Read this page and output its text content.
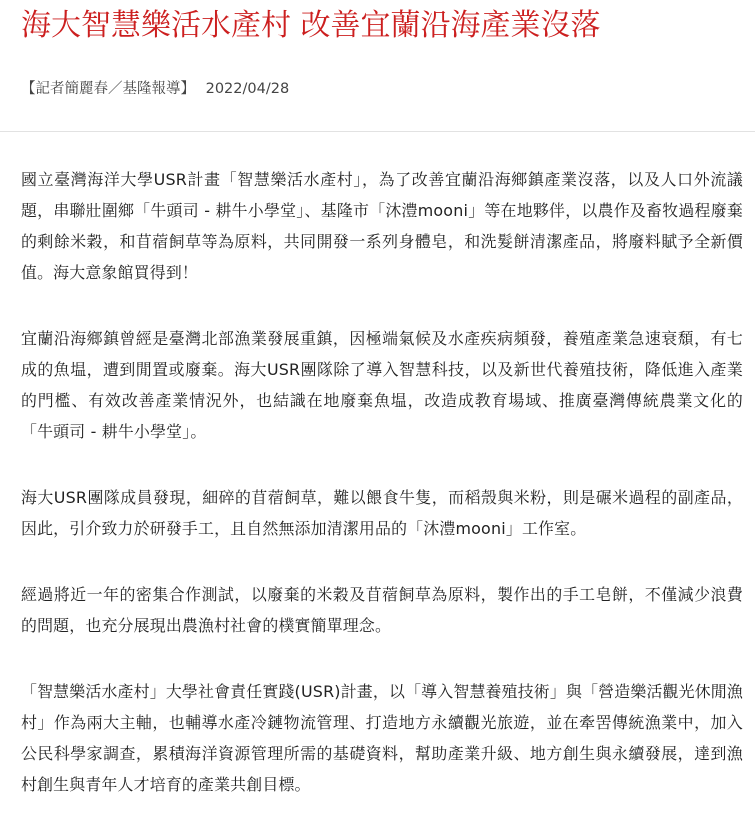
海大智慧樂活水產村 改善宜蘭沿海產業沒落
【記者簡麗春／基隆報導】 2022/04/28

國立臺灣海洋大學USR計畫「智慧樂活水產村」，為了改善宜蘭沿海鄉鎮產業沒落，以及人口外流議題，串聯壯圍鄉「牛頭司 - 耕牛小學堂」、基隆市「沐澧mooni」等在地夥伴，以農作及畜牧過程廢棄的剩餘米穀，和苜蓿飼草等為原料，共同開發一系列身體皂，和洗髮餅清潔產品，將廢料賦予全新價值。海大意象館買得到！

宜蘭沿海鄉鎮曾經是臺灣北部漁業發展重鎮，因極端氣候及水產疾病頻發，養殖產業急速衰頹，有七成的魚塭，遭到閒置或廢棄。海大USR團隊除了導入智慧科技，以及新世代養殖技術，降低進入產業的門檻、有效改善產業情況外，也結識在地廢棄魚塭，改造成教育場域、推廣臺灣傳統農業文化的「牛頭司 - 耕牛小學堂」。

海大USR團隊成員發現，細碎的苜蓿飼草，難以餵食牛隻，而稻殼與米粉，則是碾米過程的副產品，因此，引介致力於研發手工，且自然無添加清潔用品的「沐澧mooni」工作室。

經過將近一年的密集合作測試，以廢棄的米穀及苜蓿飼草為原料，製作出的手工皂餅，不僅減少浪費的問題，也充分展現出農漁村社會的樸實簡單理念。

「智慧樂活水產村」大學社會責任實踐(USR)計畫，以「導入智慧養殖技術」與「營造樂活觀光休閒漁村」作為兩大主軸，也輔導水產冷鏈物流管理、打造地方永續觀光旅遊，並在牽罟傳統漁業中，加入公民科學家調查，累積海洋資源管理所需的基礎資料，幫助產業升級、地方創生與永續發展，達到漁村創生與青年人才培育的產業共創目標。
